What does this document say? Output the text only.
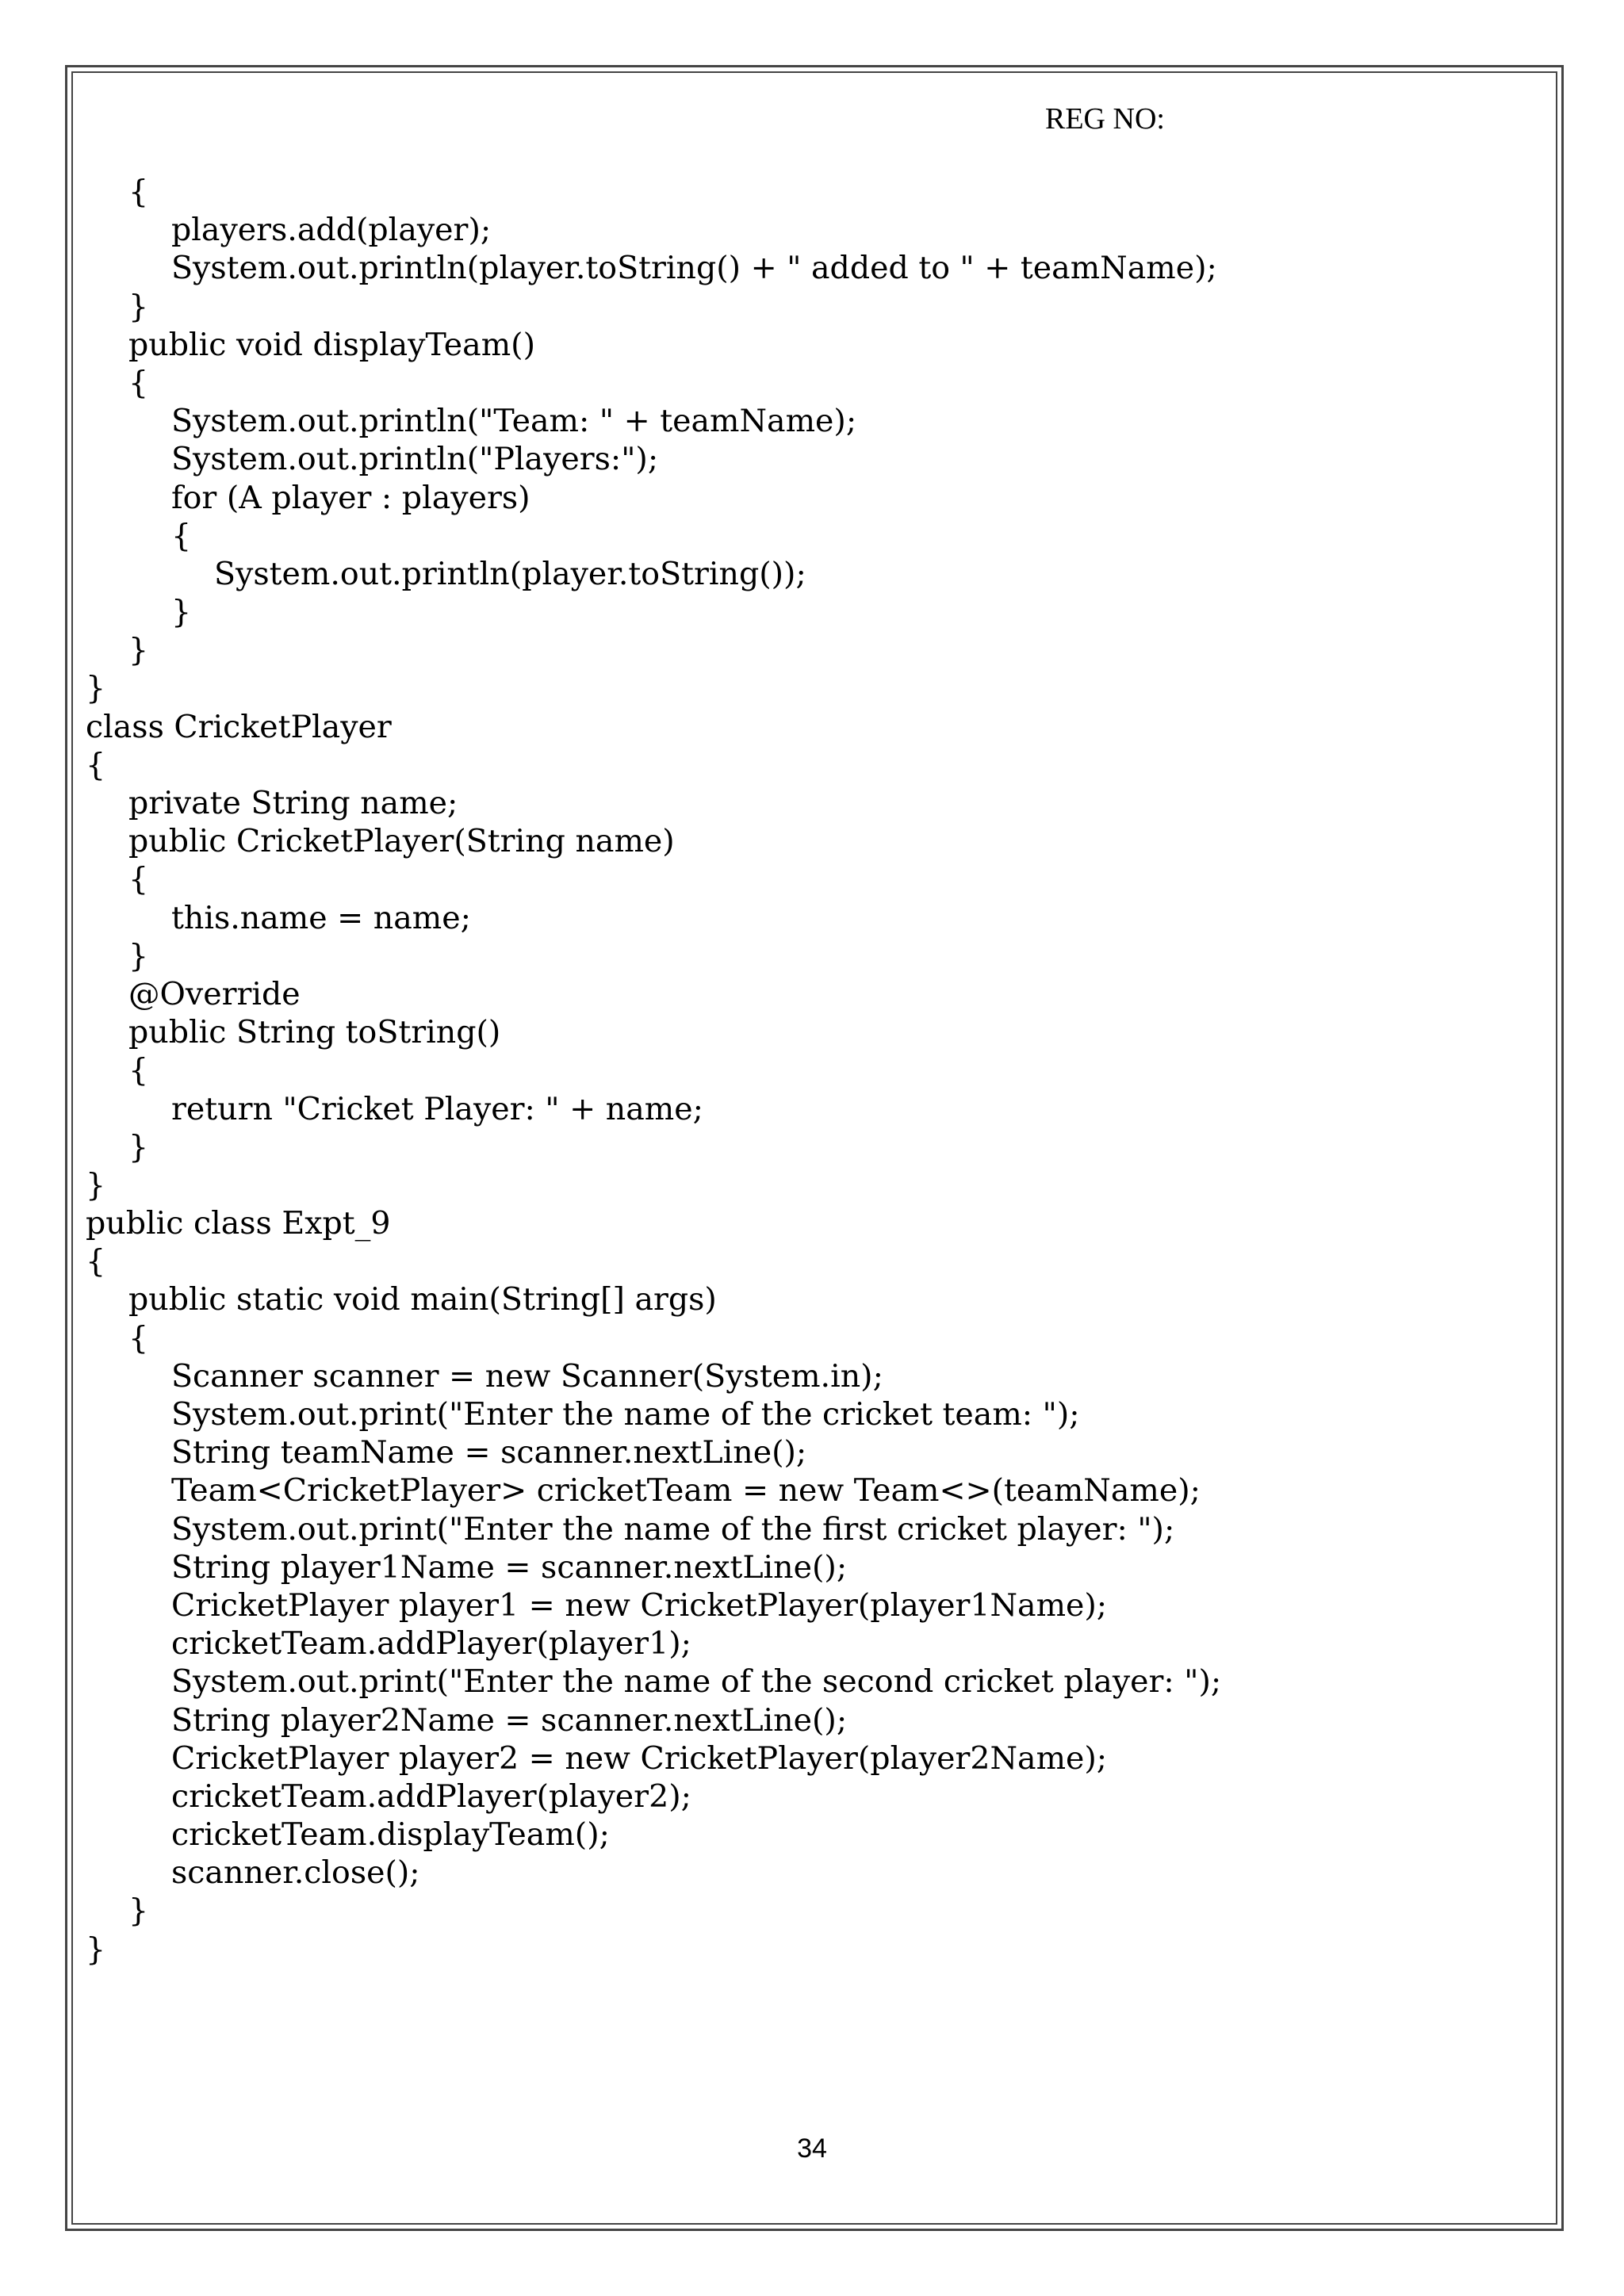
REG NO:
{
players.add(player);
System.out.println(player.toString() + " added to " + teamName);
}
public void displayTeam()
{
System.out.println("Team: " + teamName);
System.out.println("Players:");
for (A player : players)
{
System.out.println(player.toString());
}
}
}
class CricketPlayer
{
private String name;
public CricketPlayer(String name)
{
this.name = name;
}
@Override
public String toString()
{
return "Cricket Player: " + name;
}
}
public class Expt_9
{
public static void main(String[] args)
{
Scanner scanner = new Scanner(System.in);
System.out.print("Enter the name of the cricket team: ");
String teamName = scanner.nextLine();
Team<CricketPlayer> cricketTeam = new Team<>(teamName);
System.out.print("Enter the name of the first cricket player: ");
String player1Name = scanner.nextLine();
CricketPlayer player1 = new CricketPlayer(player1Name);
cricketTeam.addPlayer(player1);
System.out.print("Enter the name of the second cricket player: ");
String player2Name = scanner.nextLine();
CricketPlayer player2 = new CricketPlayer(player2Name);
cricketTeam.addPlayer(player2);
cricketTeam.displayTeam();
scanner.close();
}
}
34
